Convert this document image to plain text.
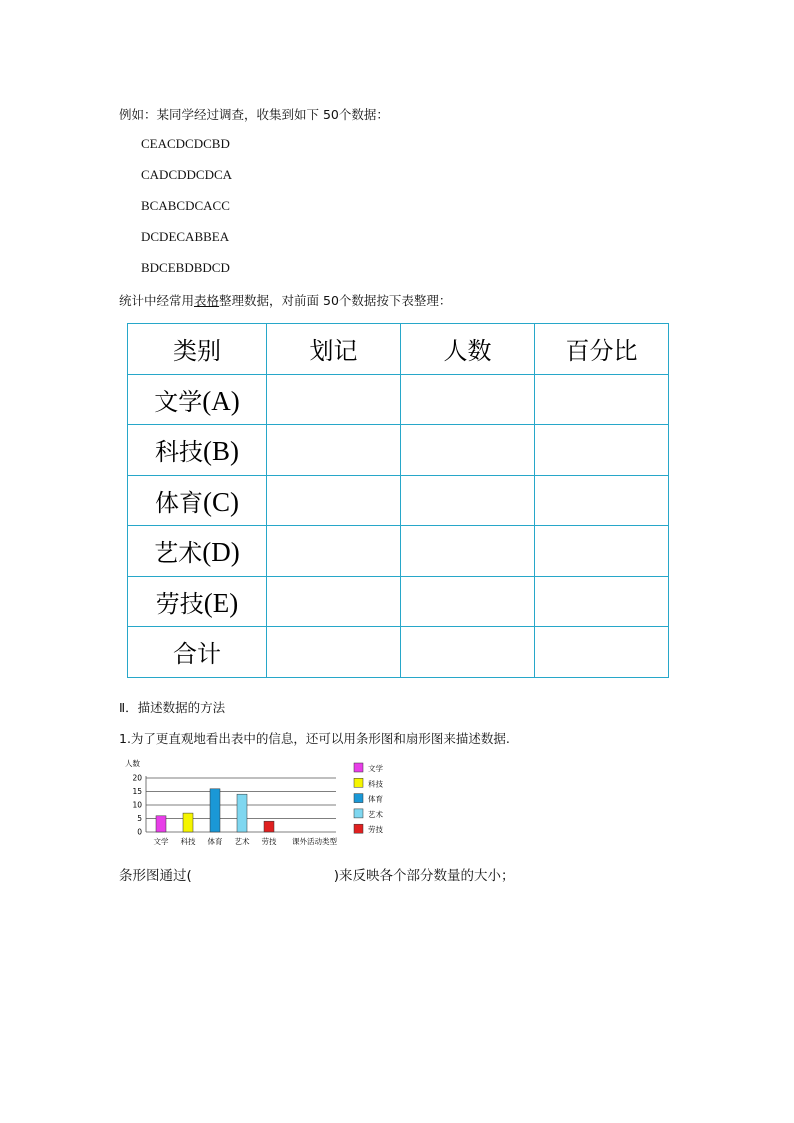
例如：某同学经过调查，收集到如下 50个数据：
CEACDCDCBD
CADCDDCDCA
BCABCDCACC
DCDECABBEA
BDCEBDBDCD
统计中经常用表格整理数据，对前面 50个数据按下表整理：
类别	划记	人数	百分比
文学(A)			
科技(B)			
体育(C)			
艺术(D)			
劳技(E)			
合计			
Ⅱ．描述数据的方法
1.为了更直观地看出表中的信息，还可以用条形图和扇形图来描述数据.
0
5
10
15
20
文学 科技 体育 艺术 劳技
文学
科技
体育
艺术
劳技
人数
课外活动类型
条形图通过(	)来反映各个部分数量的大小；
